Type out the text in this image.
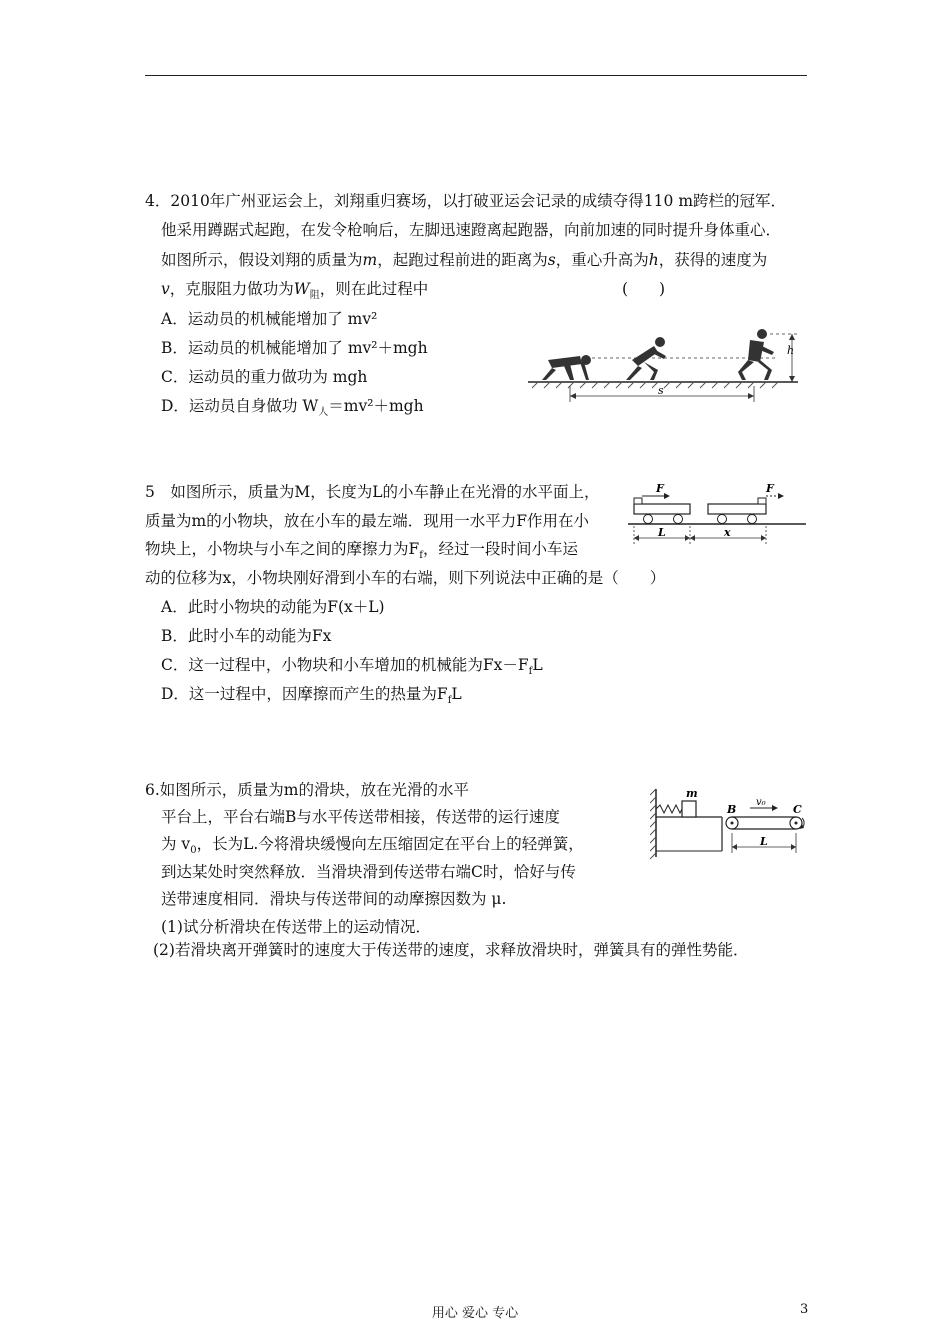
4．2010年广州亚运会上，刘翔重归赛场，以打破亚运会记录的成绩夺得110 m跨栏的冠军．
他采用蹲踞式起跑，在发令枪响后，左脚迅速蹬离起跑器，向前加速的同时提升身体重心．
如图所示，假设刘翔的质量为m，起跑过程前进的距离为s，重心升高为h，获得的速度为
v，克服阻力做功为$W_阻$，则在此过程中	(　　)
A．运动员的机械能增加了 mv²
B．运动员的机械能增加了 mv²＋mgh
C．运动员的重力做功为 mgh
D．运动员自身做功 $W_人=mv^2+mgh$
h
s
5　如图所示，质量为M，长度为L的小车静止在光滑的水平面上，
质量为m的小物块，放在小车的最左端．现用一水平力F作用在小
物块上，小物块与小车之间的摩擦力为$F_f$，经过一段时间小车运
动的位移为x，小物块刚好滑到小车的右端，则下列说法中正确的是（　　）
A．此时小物块的动能为F(x＋L)
B．此时小车的动能为Fx
C．这一过程中，小物块和小车增加的机械能为$Fx-F_fL$
D．这一过程中，因摩擦而产生的热量为$F_fL$
F	F
L	x
6.如图所示，质量为m的滑块，放在光滑的水平
平台上，平台右端B与水平传送带相接，传送带的运行速度
为 $v_0$，长为L.今将滑块缓慢向左压缩固定在平台上的轻弹簧，
到达某处时突然释放．当滑块滑到传送带右端C时，恰好与传
送带速度相同．滑块与传送带间的动摩擦因数为 μ.
(1)试分析滑块在传送带上的运动情况．
(2)若滑块离开弹簧时的速度大于传送带的速度，求释放滑块时，弹簧具有的弹性势能．
m
B	C
v₀
L
用心 爱心 专心	3
